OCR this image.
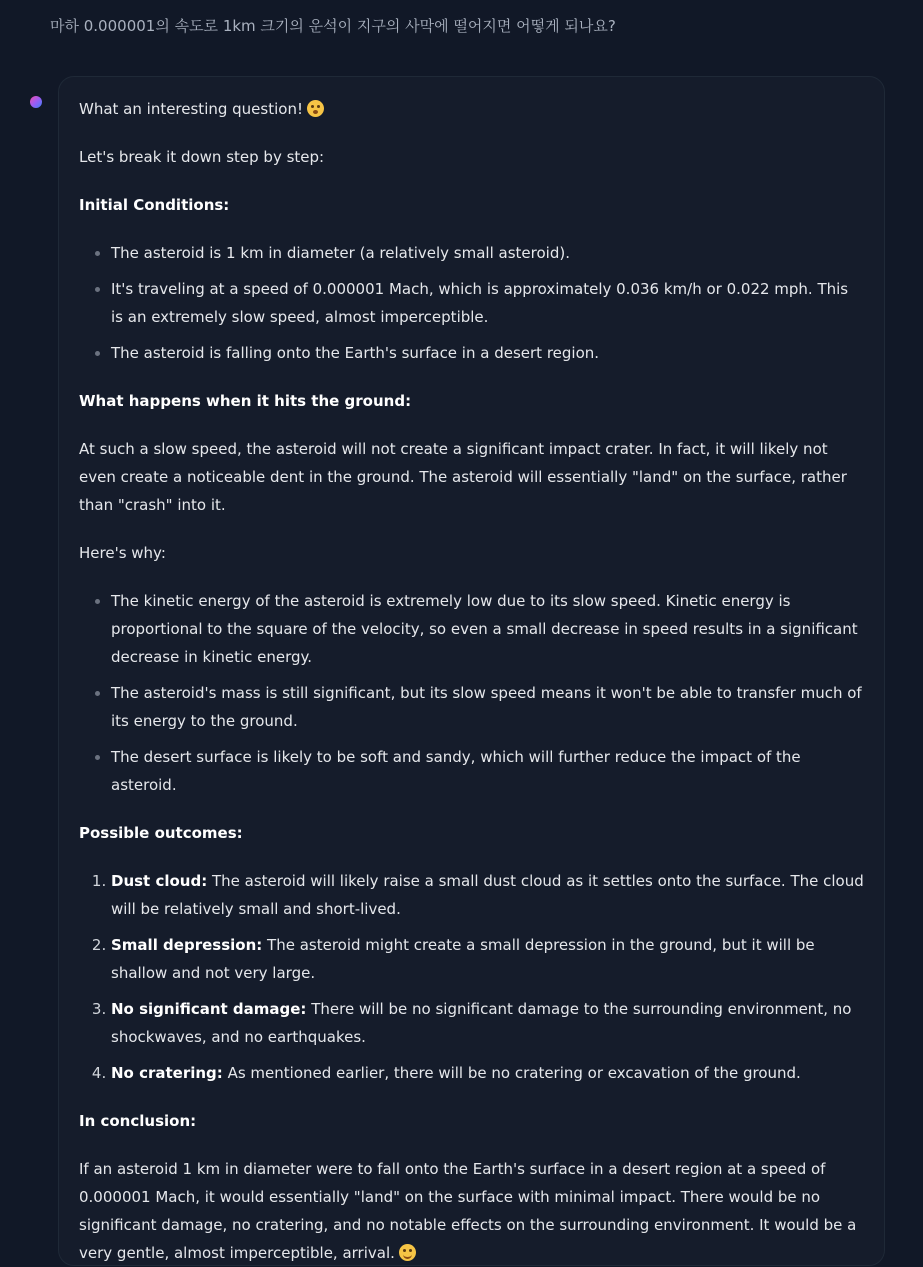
마하 0.000001의 속도로 1km 크기의 운석이 지구의 사막에 떨어지면 어떻게 되나요?

What an interesting question!

Let's break it down step by step:

Initial Conditions:
• The asteroid is 1 km in diameter (a relatively small asteroid).
• It's traveling at a speed of 0.000001 Mach, which is approximately 0.036 km/h or 0.022 mph. This is an extremely slow speed, almost imperceptible.
• The asteroid is falling onto the Earth's surface in a desert region.
What happens when it hits the ground:

At such a slow speed, the asteroid will not create a significant impact crater. In fact, it will likely not even create a noticeable dent in the ground. The asteroid will essentially "land" on the surface, rather than "crash" into it.

Here's why:

• The kinetic energy of the asteroid is extremely low due to its slow speed. Kinetic energy is proportional to the square of the velocity, so even a small decrease in speed results in a significant decrease in kinetic energy.
• The asteroid's mass is still significant, but its slow speed means it won't be able to transfer much of its energy to the ground.
• The desert surface is likely to be soft and sandy, which will further reduce the impact of the asteroid.
Possible outcomes:
1. Dust cloud: The asteroid will likely raise a small dust cloud as it settles onto the surface. The cloud will be relatively small and short-lived.
2. Small depression: The asteroid might create a small depression in the ground, but it will be shallow and not very large.
3. No significant damage: There will be no significant damage to the surrounding environment, no shockwaves, and no earthquakes.
4. No cratering: As mentioned earlier, there will be no cratering or excavation of the ground.
In conclusion:

If an asteroid 1 km in diameter were to fall onto the Earth's surface in a desert region at a speed of 0.000001 Mach, it would essentially "land" on the surface with minimal impact. There would be no significant damage, no cratering, and no notable effects on the surrounding environment. It would be a very gentle, almost imperceptible, arrival.
